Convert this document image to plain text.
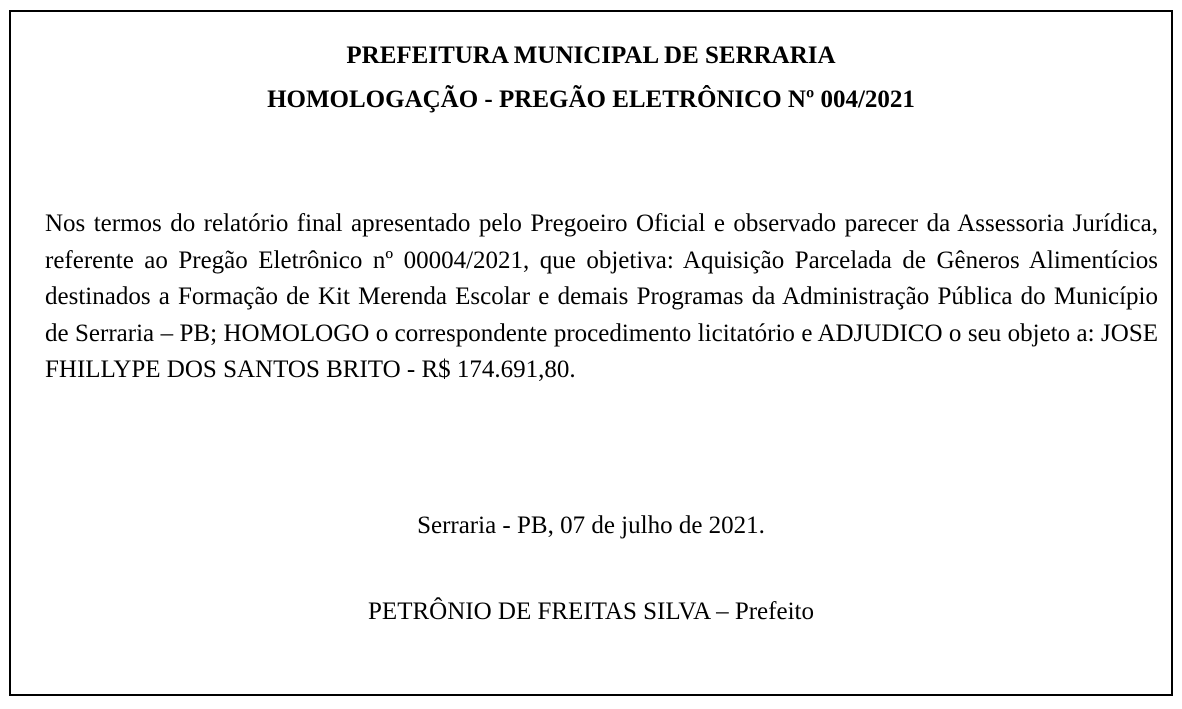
PREFEITURA MUNICIPAL DE SERRARIA
HOMOLOGAÇÃO - PREGÃO ELETRÔNICO Nº 004/2021
Nos termos do relatório final apresentado pelo Pregoeiro Oficial e observado parecer da Assessoria Jurídica, referente ao Pregão Eletrônico nº 00004/2021, que objetiva: Aquisição Parcelada de Gêneros Alimentícios destinados a Formação de Kit Merenda Escolar e demais Programas da Administração Pública do Município de Serraria – PB; HOMOLOGO o correspondente procedimento licitatório e ADJUDICO o seu objeto a: JOSE FHILLYPE DOS SANTOS BRITO - R$ 174.691,80.
Serraria - PB, 07 de julho de 2021.
PETRÔNIO DE FREITAS SILVA – Prefeito
